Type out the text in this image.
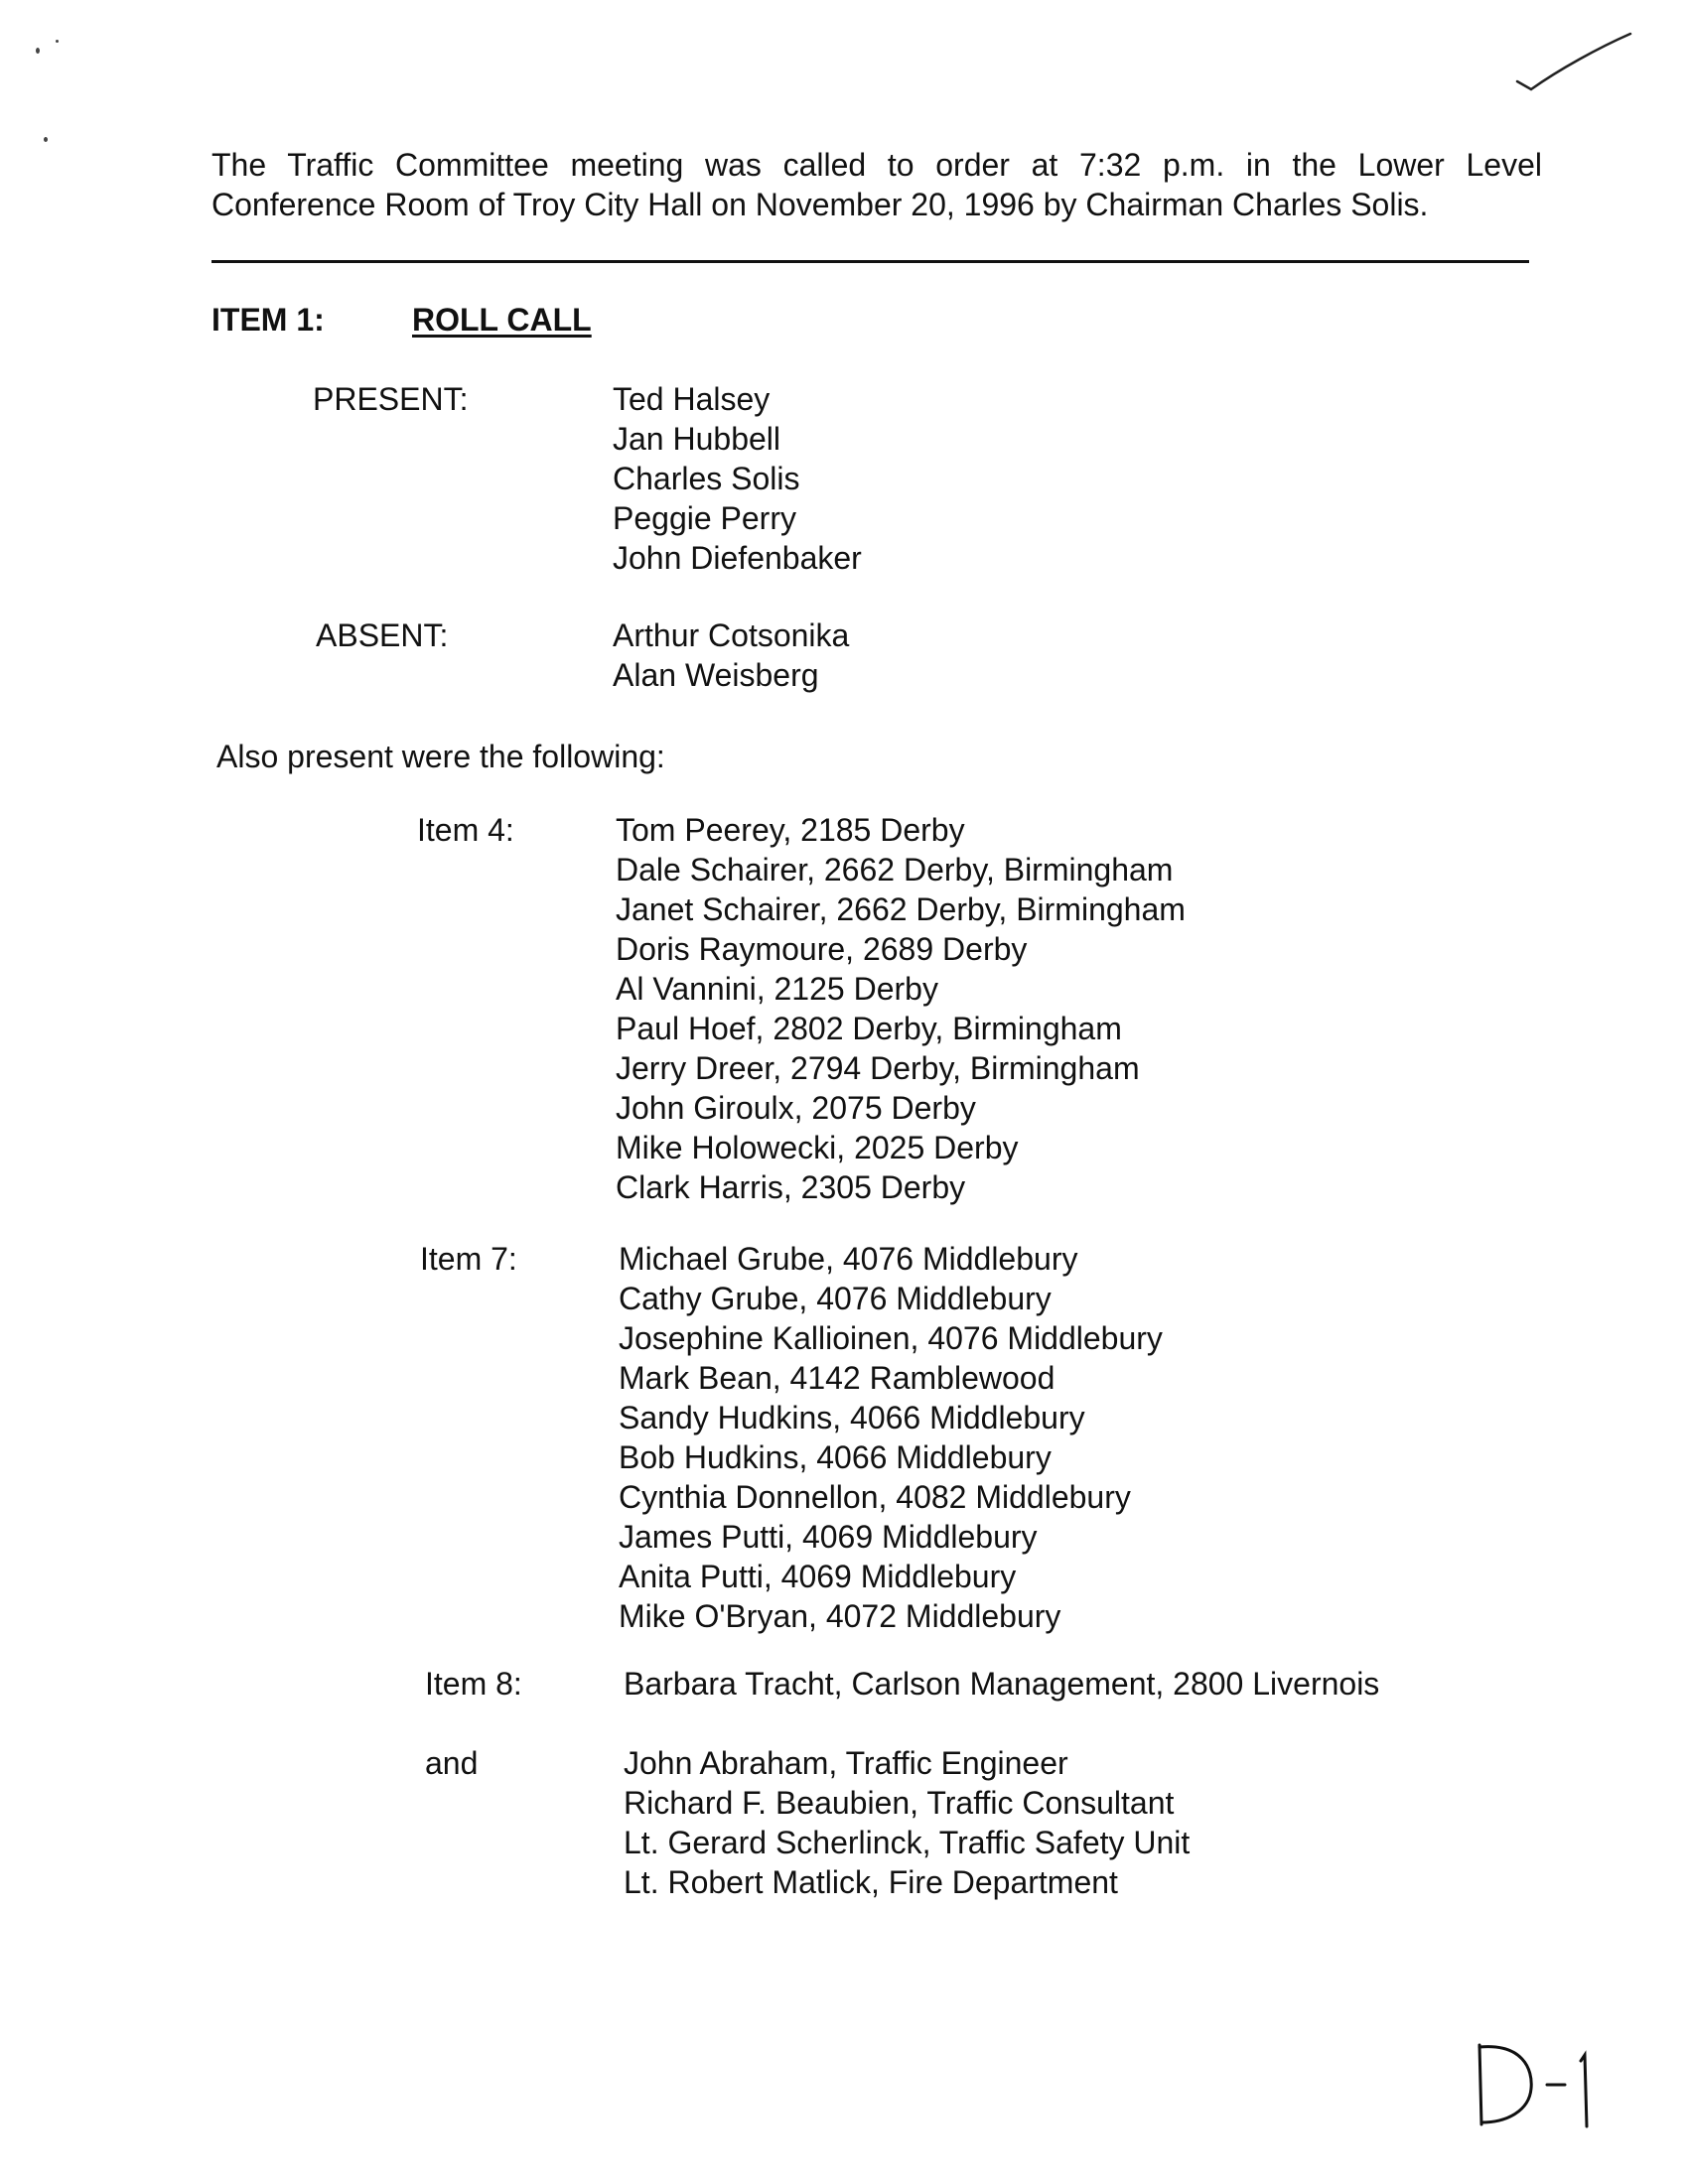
The Traffic Committee meeting was called to order at 7:32 p.m. in the Lower Level
Conference Room of Troy City Hall on November 20, 1996 by Chairman Charles Solis.
ITEM 1:	ROLL CALL
PRESENT:	Ted Halsey
Jan Hubbell
Charles Solis
Peggie Perry
John Diefenbaker
ABSENT:	Arthur Cotsonika
Alan Weisberg
Also present were the following:
Item 4:	Tom Peerey, 2185 Derby
Dale Schairer, 2662 Derby, Birmingham
Janet Schairer, 2662 Derby, Birmingham
Doris Raymoure, 2689 Derby
Al Vannini, 2125 Derby
Paul Hoef, 2802 Derby, Birmingham
Jerry Dreer, 2794 Derby, Birmingham
John Giroulx, 2075 Derby
Mike Holowecki, 2025 Derby
Clark Harris, 2305 Derby
Item 7:	Michael Grube, 4076 Middlebury
Cathy Grube, 4076 Middlebury
Josephine Kallioinen, 4076 Middlebury
Mark Bean, 4142 Ramblewood
Sandy Hudkins, 4066 Middlebury
Bob Hudkins, 4066 Middlebury
Cynthia Donnellon, 4082 Middlebury
James Putti, 4069 Middlebury
Anita Putti, 4069 Middlebury
Mike O'Bryan, 4072 Middlebury
Item 8:	Barbara Tracht, Carlson Management, 2800 Livernois
and	John Abraham, Traffic Engineer
Richard F. Beaubien, Traffic Consultant
Lt. Gerard Scherlinck, Traffic Safety Unit
Lt. Robert Matlick, Fire Department
